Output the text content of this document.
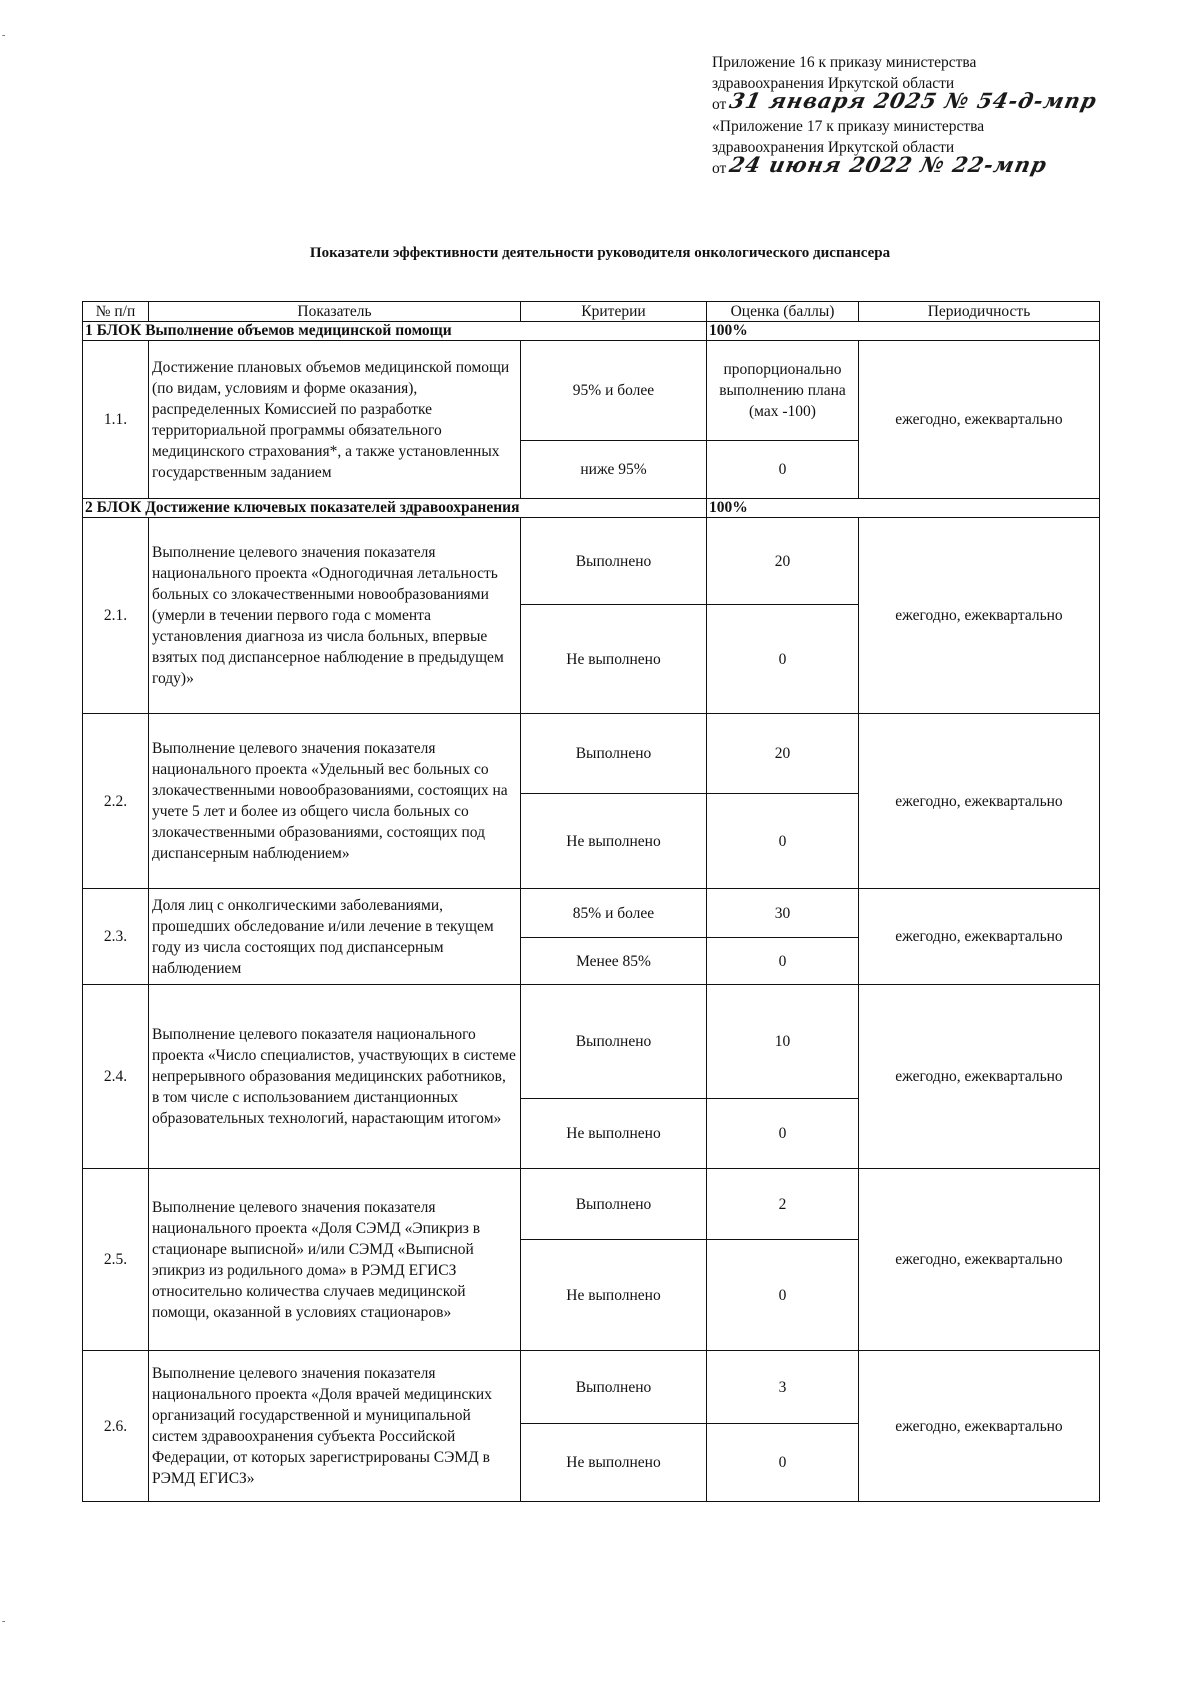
-
-
Приложение 16 к приказу министерства
здравоохранения Иркутской области
от 31 января 2025 № 54-д-мпр
«Приложение 17 к приказу министерства
здравоохранения Иркутской области
от 24 июня 2022 № 22-мпр
Показатели эффективности деятельности руководителя онкологического диспансера
№ п/п	Показатель	Критерии	Оценка (баллы)	Периодичность
1 БЛОК Выполнение объемов медицинской помощи			100%	
1.1.	Достижение плановых объемов медицинской помощи (по видам, условиям и форме оказания), распределенных Комиссией по разработке территориальной программы обязательного медицинского страхования*, а также установленных государственным заданием	95% и более	пропорционально выполнению плана (мах -100)	ежегодно, ежеквартально
		ниже 95%	0	
2 БЛОК Достижение ключевых показателей здравоохранения			100%	
2.1.	Выполнение целевого значения показателя национального проекта «Одногодичная летальность больных со злокачественными новообразованиями (умерли в течении первого года с момента установления диагноза из числа больных, впервые взятых под диспансерное наблюдение в предыдущем году)»	Выполнено	20	ежегодно, ежеквартально
		Не выполнено	0	
2.2.	Выполнение целевого значения показателя национального проекта «Удельный вес больных со злокачественными новообразованиями, состоящих на учете 5 лет и более из общего числа больных со злокачественными образованиями, состоящих под диспансерным наблюдением»	Выполнено	20	ежегодно, ежеквартально
		Не выполнено	0	
2.3.	Доля лиц с онколгическими заболеваниями, прошедших обследование и/или лечение в текущем году из числа состоящих под диспансерным наблюдением	85% и более	30	ежегодно, ежеквартально
		Менее 85%	0	
2.4.	Выполнение целевого показателя национального проекта «Число специалистов, участвующих в системе непрерывного образования медицинских работников, в том числе с использованием дистанционных образовательных технологий, нарастающим итогом»	Выполнено	10	ежегодно, ежеквартально
		Не выполнено	0	
2.5.	Выполнение целевого значения показателя национального проекта «Доля СЭМД «Эпикриз в стационаре выписной» и/или СЭМД «Выписной эпикриз из родильного дома» в РЭМД ЕГИСЗ относительно количества случаев медицинской помощи, оказанной в условиях стационаров»	Выполнено	2	ежегодно, ежеквартально
		Не выполнено	0	
2.6.	Выполнение целевого значения показателя национального проекта «Доля врачей медицинских организаций государственной и муниципальной систем здравоохранения субъекта Российской Федерации, от которых зарегистрированы СЭМД в РЭМД ЕГИСЗ»	Выполнено	3	ежегодно, ежеквартально
		Не выполнено	0	
